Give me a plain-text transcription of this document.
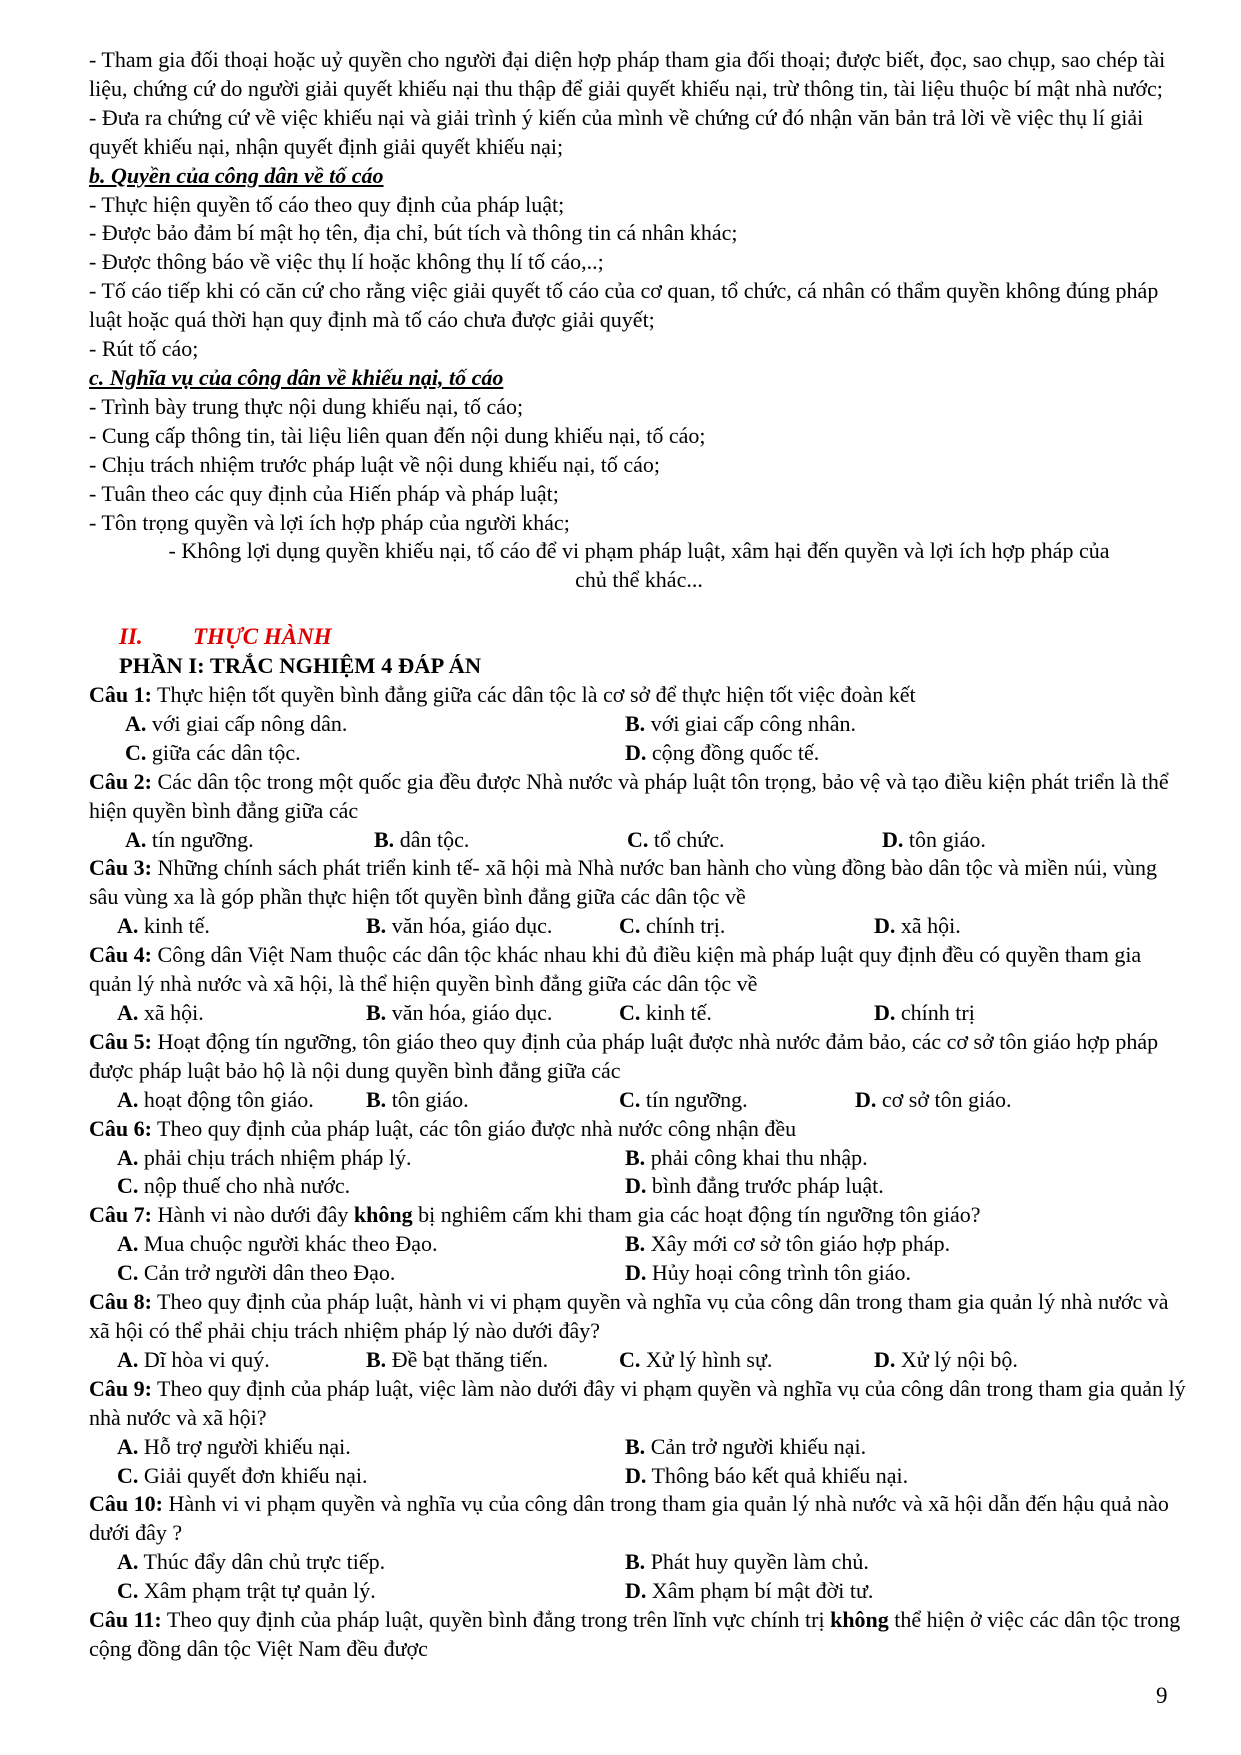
- Tham gia đối thoại hoặc uỷ quyền cho người đại diện hợp pháp tham gia đối thoại; được biết, đọc, sao chụp, sao chép tài liệu, chứng cứ do người giải quyết khiếu nại thu thập để giải quyết khiếu nại, trừ thông tin, tài liệu thuộc bí mật nhà nước;

- Đưa ra chứng cứ về việc khiếu nại và giải trình ý kiến của mình về chứng cứ đó nhận văn bản trả lời về việc thụ lí giải quyết khiếu nại, nhận quyết định giải quyết khiếu nại;

b. Quyền của công dân về tố cáo

- Thực hiện quyền tố cáo theo quy định của pháp luật;

- Được bảo đảm bí mật họ tên, địa chỉ, bút tích và thông tin cá nhân khác;

- Được thông báo về việc thụ lí hoặc không thụ lí tố cáo,..;

- Tố cáo tiếp khi có căn cứ cho rằng việc giải quyết tố cáo của cơ quan, tổ chức, cá nhân có thẩm quyền không đúng pháp luật hoặc quá thời hạn quy định mà tố cáo chưa được giải quyết;

- Rút tố cáo;

c. Nghĩa vụ của công dân về khiếu nại, tố cáo

- Trình bày trung thực nội dung khiếu nại, tố cáo;

- Cung cấp thông tin, tài liệu liên quan đến nội dung khiếu nại, tố cáo;

- Chịu trách nhiệm trước pháp luật về nội dung khiếu nại, tố cáo;

- Tuân theo các quy định của Hiến pháp và pháp luật;

- Tôn trọng quyền và lợi ích hợp pháp của người khác;

- Không lợi dụng quyền khiếu nại, tố cáo để vi phạm pháp luật, xâm hại đến quyền và lợi ích hợp pháp của

chủ thể khác...

II. THỰC HÀNH

PHẦN I: TRẮC NGHIỆM 4 ĐÁP ÁN

Câu 1: Thực hiện tốt quyền bình đẳng giữa các dân tộc là cơ sở để thực hiện tốt việc đoàn kết

A. với giai cấp nông dân.	B. với giai cấp công nhân.
C. giữa các dân tộc.	D. cộng đồng quốc tế.

Câu 2: Các dân tộc trong một quốc gia đều được Nhà nước và pháp luật tôn trọng, bảo vệ và tạo điều kiện phát triển là thể hiện quyền bình đẳng giữa các

A. tín ngưỡng.	B. dân tộc.	C. tổ chức.	D. tôn giáo.

Câu 3: Những chính sách phát triển kinh tế- xã hội mà Nhà nước ban hành cho vùng đồng bào dân tộc và miền núi, vùng sâu vùng xa là góp phần thực hiện tốt quyền bình đẳng giữa các dân tộc về

A. kinh tế.	B. văn hóa, giáo dục.	C. chính trị.	D. xã hội.

Câu 4: Công dân Việt Nam thuộc các dân tộc khác nhau khi đủ điều kiện mà pháp luật quy định đều có quyền tham gia quản lý nhà nước và xã hội, là thể hiện quyền bình đẳng giữa các dân tộc về

A. xã hội.	B. văn hóa, giáo dục.	C. kinh tế.	D. chính trị

Câu 5: Hoạt động tín ngưỡng, tôn giáo theo quy định của pháp luật được nhà nước đảm bảo, các cơ sở tôn giáo hợp pháp được pháp luật bảo hộ là nội dung quyền bình đẳng giữa các

A. hoạt động tôn giáo.	B. tôn giáo.	C. tín ngưỡng.	D. cơ sở tôn giáo.

Câu 6: Theo quy định của pháp luật, các tôn giáo được nhà nước công nhận đều

A. phải chịu trách nhiệm pháp lý.	B. phải công khai thu nhập.
C. nộp thuế cho nhà nước.	D. bình đẳng trước pháp luật.

Câu 7: Hành vi nào dưới đây không bị nghiêm cấm khi tham gia các hoạt động tín ngưỡng tôn giáo?

A. Mua chuộc người khác theo Đạo.	B. Xây mới cơ sở tôn giáo hợp pháp.
C. Cản trở người dân theo Đạo.	D. Hủy hoại công trình tôn giáo.

Câu 8: Theo quy định của pháp luật, hành vi vi phạm quyền và nghĩa vụ của công dân trong tham gia quản lý nhà nước và xã hội có thể phải chịu trách nhiệm pháp lý nào dưới đây?

A. Dĩ hòa vi quý.	B. Đề bạt thăng tiến.	C. Xử lý hình sự.	D. Xử lý nội bộ.

Câu 9: Theo quy định của pháp luật, việc làm nào dưới đây vi phạm quyền và nghĩa vụ của công dân trong tham gia quản lý nhà nước và xã hội?

A. Hỗ trợ người khiếu nại.	B. Cản trở người khiếu nại.
C. Giải quyết đơn khiếu nại.	D. Thông báo kết quả khiếu nại.

Câu 10: Hành vi vi phạm quyền và nghĩa vụ của công dân trong tham gia quản lý nhà nước và xã hội dẫn đến hậu quả nào dưới đây ?

A. Thúc đẩy dân chủ trực tiếp.	B. Phát huy quyền làm chủ.
C. Xâm phạm trật tự quản lý.	D. Xâm phạm bí mật đời tư.

Câu 11: Theo quy định của pháp luật, quyền bình đẳng trong trên lĩnh vực chính trị không thể hiện ở việc các dân tộc trong cộng đồng dân tộc Việt Nam đều được

9
